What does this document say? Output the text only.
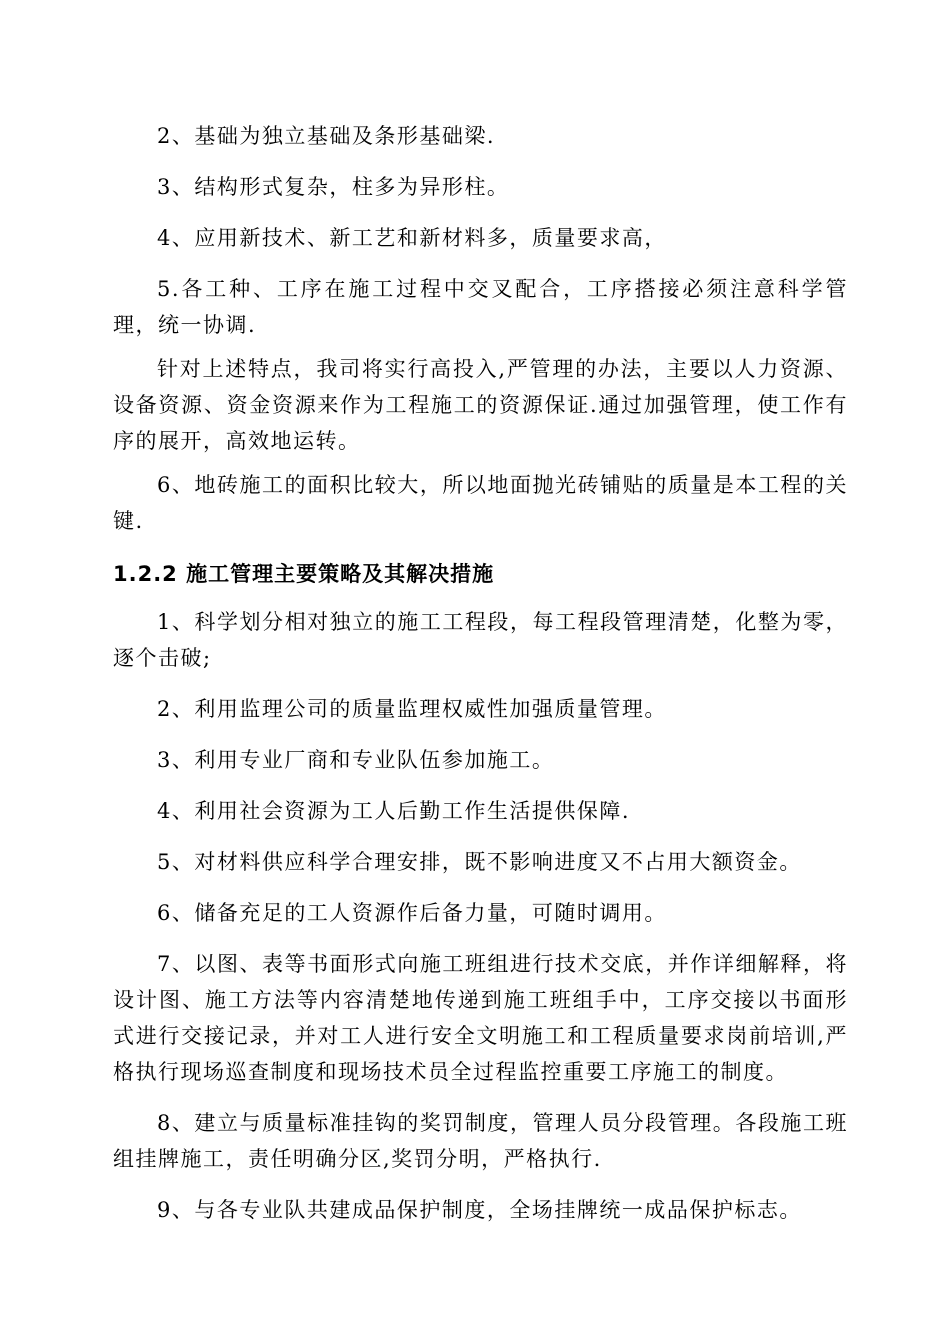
2、基础为独立基础及条形基础梁.

3、结构形式复杂，柱多为异形柱。

4、应用新技术、新工艺和新材料多，质量要求高，

5.各工种、工序在施工过程中交叉配合，工序搭接必须注意科学管理，统一协调.

针对上述特点，我司将实行高投入,严管理的办法，主要以人力资源、设备资源、资金资源来作为工程施工的资源保证.通过加强管理，使工作有序的展开，高效地运转。

6、地砖施工的面积比较大，所以地面抛光砖铺贴的质量是本工程的关键.

1.2.2 施工管理主要策略及其解决措施

1、科学划分相对独立的施工工程段，每工程段管理清楚，化整为零，逐个击破;

2、利用监理公司的质量监理权威性加强质量管理。

3、利用专业厂商和专业队伍参加施工。

4、利用社会资源为工人后勤工作生活提供保障.

5、对材料供应科学合理安排，既不影响进度又不占用大额资金。

6、储备充足的工人资源作后备力量，可随时调用。

7、以图、表等书面形式向施工班组进行技术交底，并作详细解释，将设计图、施工方法等内容清楚地传递到施工班组手中，工序交接以书面形式进行交接记录，并对工人进行安全文明施工和工程质量要求岗前培训,严格执行现场巡查制度和现场技术员全过程监控重要工序施工的制度。

8、建立与质量标准挂钩的奖罚制度，管理人员分段管理。各段施工班组挂牌施工，责任明确分区,奖罚分明，严格执行.

9、与各专业队共建成品保护制度，全场挂牌统一成品保护标志。
